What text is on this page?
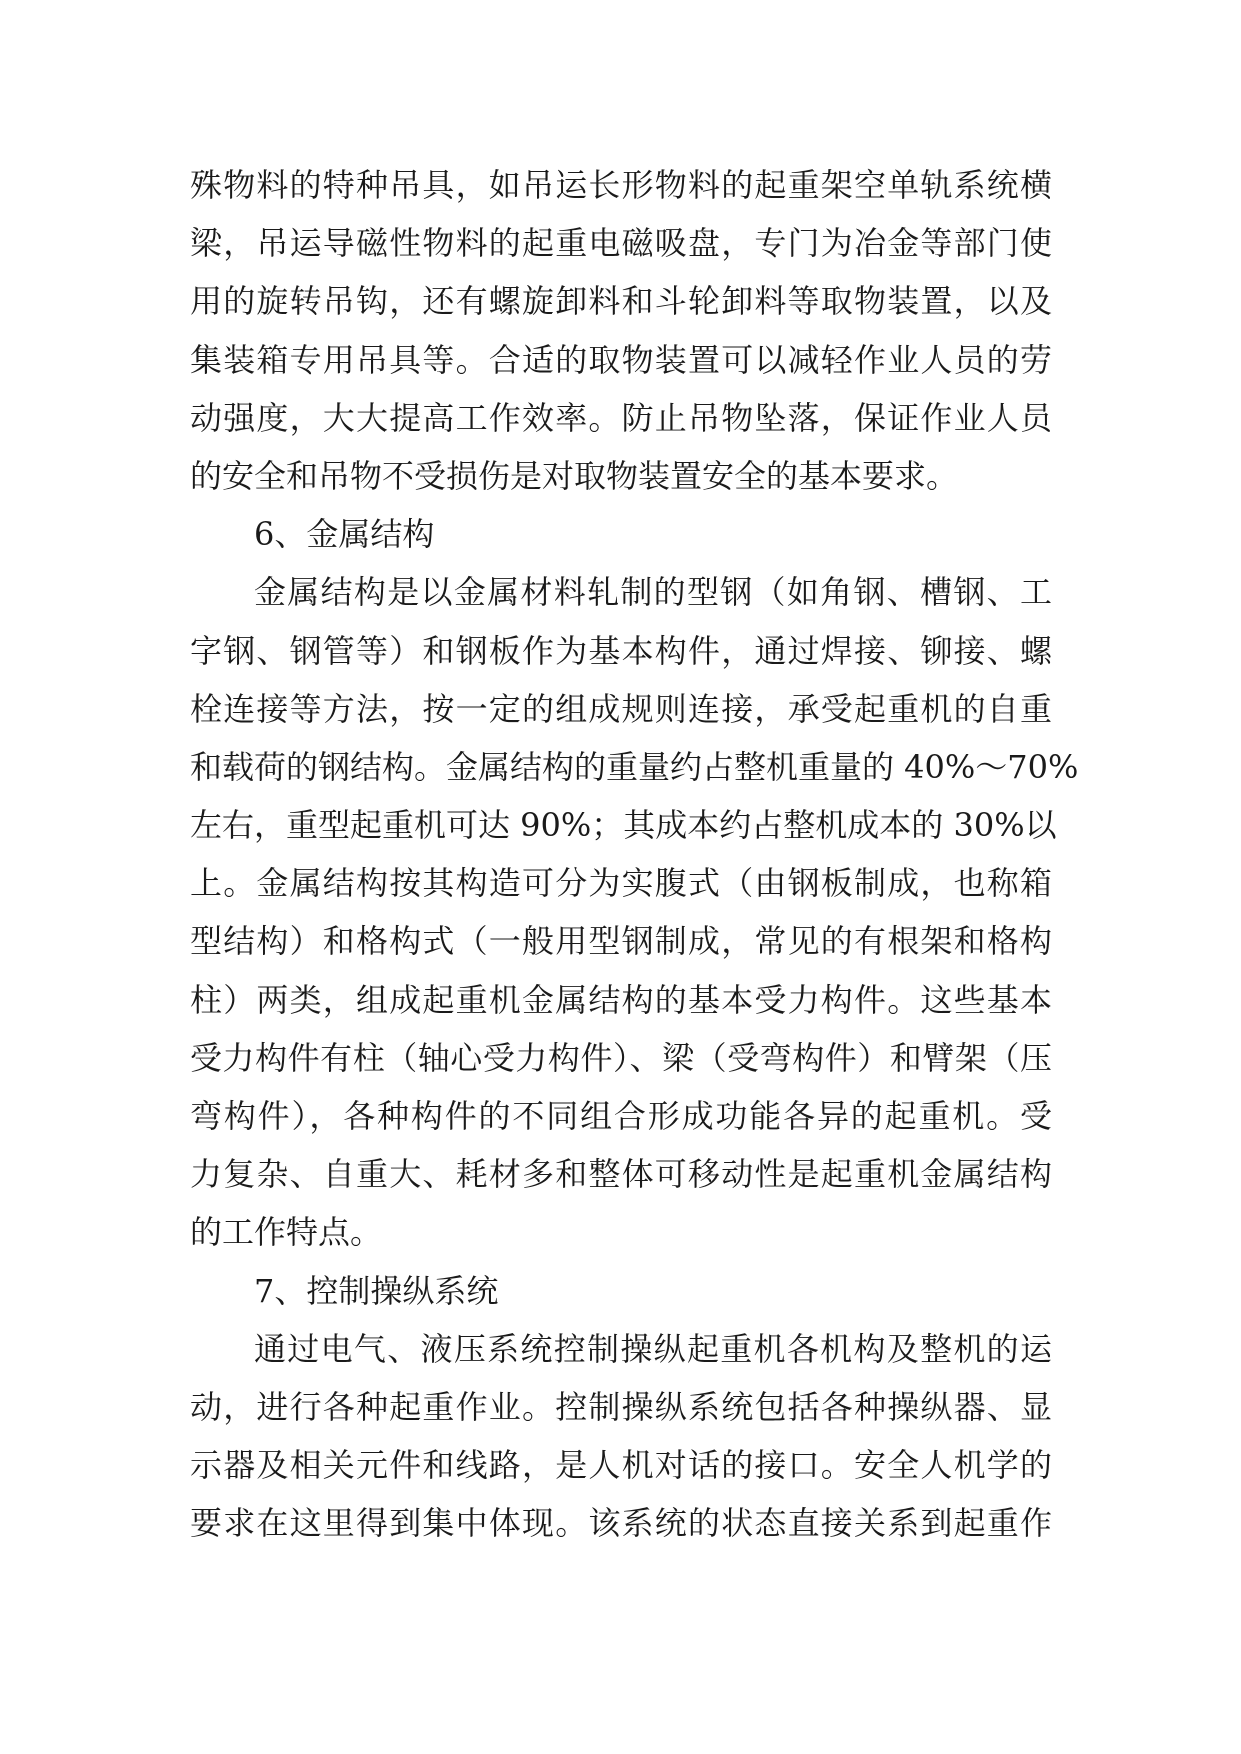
殊物料的特种吊具，如吊运长形物料的起重架空单轨系统横
梁，吊运导磁性物料的起重电磁吸盘，专门为冶金等部门使
用的旋转吊钩，还有螺旋卸料和斗轮卸料等取物装置，以及
集装箱专用吊具等。合适的取物装置可以减轻作业人员的劳
动强度，大大提高工作效率。防止吊物坠落，保证作业人员
的安全和吊物不受损伤是对取物装置安全的基本要求。
6、金属结构
金属结构是以金属材料轧制的型钢（如角钢、槽钢、工
字钢、钢管等）和钢板作为基本构件，通过焊接、铆接、螺
栓连接等方法，按一定的组成规则连接，承受起重机的自重
和载荷的钢结构。金属结构的重量约占整机重量的 40%～70%
左右，重型起重机可达 90%；其成本约占整机成本的 30%以
上。金属结构按其构造可分为实腹式（由钢板制成，也称箱
型结构）和格构式（一般用型钢制成，常见的有根架和格构
柱）两类，组成起重机金属结构的基本受力构件。这些基本
受力构件有柱（轴心受力构件）、梁（受弯构件）和臂架（压
弯构件），各种构件的不同组合形成功能各异的起重机。受
力复杂、自重大、耗材多和整体可移动性是起重机金属结构
的工作特点。
7、控制操纵系统
通过电气、液压系统控制操纵起重机各机构及整机的运
动，进行各种起重作业。控制操纵系统包括各种操纵器、显
示器及相关元件和线路，是人机对话的接口。安全人机学的
要求在这里得到集中体现。该系统的状态直接关系到起重作
